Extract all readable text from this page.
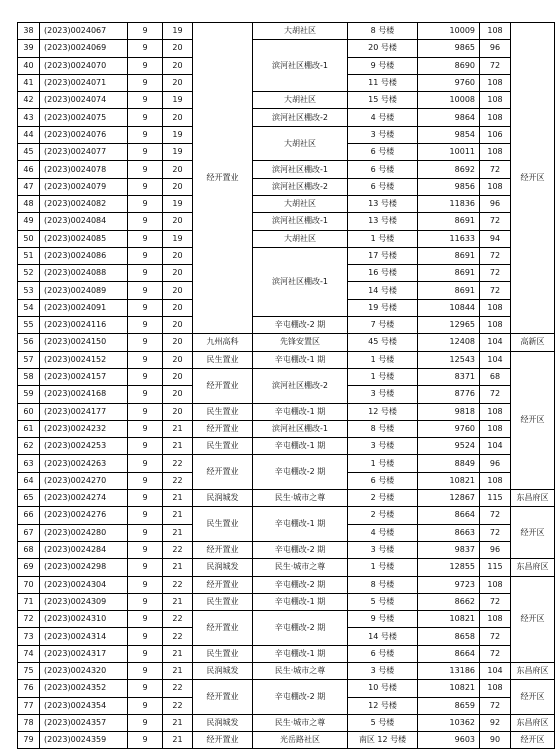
38	(2023)0024067	9	19	经开置业	大胡社区	8 号楼	10009	108	经开区
39	(2023)0024069	9	20		滨河社区棚改-1	20 号楼	9865	96	
40	(2023)0024070	9	20			9 号楼	8690	72	
41	(2023)0024071	9	20			11 号楼	9760	108	
42	(2023)0024074	9	19		大胡社区	15 号楼	10008	108	
43	(2023)0024075	9	20		滨河社区棚改-2	4 号楼	9864	108	
44	(2023)0024076	9	19		大胡社区	3 号楼	9854	106	
45	(2023)0024077	9	19			6 号楼	10011	108	
46	(2023)0024078	9	20		滨河社区棚改-1	6 号楼	8692	72	
47	(2023)0024079	9	20		滨河社区棚改-2	6 号楼	9856	108	
48	(2023)0024082	9	19		大胡社区	13 号楼	11836	96	
49	(2023)0024084	9	20		滨河社区棚改-1	13 号楼	8691	72	
50	(2023)0024085	9	19		大胡社区	1 号楼	11633	94	
51	(2023)0024086	9	20		滨河社区棚改-1	17 号楼	8691	72	
52	(2023)0024088	9	20			16 号楼	8691	72	
53	(2023)0024089	9	20			14 号楼	8691	72	
54	(2023)0024091	9	20			19 号楼	10844	108	
55	(2023)0024116	9	20		辛屯棚改-2 期	7 号楼	12965	108	
56	(2023)0024150	9	20	九州高科	先锋安置区	45 号楼	12408	104	高新区
57	(2023)0024152	9	20	民生置业	辛屯棚改-1 期	1 号楼	12543	104	经开区
58	(2023)0024157	9	20	经开置业	滨河社区棚改-2	1 号楼	8371	68	
59	(2023)0024168	9	20			3 号楼	8776	72	
60	(2023)0024177	9	20	民生置业	辛屯棚改-1 期	12 号楼	9818	108	
61	(2023)0024232	9	21	经开置业	滨河社区棚改-1	8 号楼	9760	108	
62	(2023)0024253	9	21	民生置业	辛屯棚改-1 期	3 号楼	9524	104	
63	(2023)0024263	9	22	经开置业	辛屯棚改-2 期	1 号楼	8849	96	
64	(2023)0024270	9	22			6 号楼	10821	108	
65	(2023)0024274	9	21	民润城发	民生·城市之尊	2 号楼	12867	115	东昌府区
66	(2023)0024276	9	21	民生置业	辛屯棚改-1 期	2 号楼	8664	72	经开区
67	(2023)0024280	9	21			4 号楼	8663	72	
68	(2023)0024284	9	22	经开置业	辛屯棚改-2 期	3 号楼	9837	96	
69	(2023)0024298	9	21	民润城发	民生·城市之尊	1 号楼	12855	115	东昌府区
70	(2023)0024304	9	22	经开置业	辛屯棚改-2 期	8 号楼	9723	108	经开区
71	(2023)0024309	9	21	民生置业	辛屯棚改-1 期	5 号楼	8662	72	
72	(2023)0024310	9	22	经开置业	辛屯棚改-2 期	9 号楼	10821	108	
73	(2023)0024314	9	22			14 号楼	8658	72	
74	(2023)0024317	9	21	民生置业	辛屯棚改-1 期	6 号楼	8664	72	
75	(2023)0024320	9	21	民润城发	民生·城市之尊	3 号楼	13186	104	东昌府区
76	(2023)0024352	9	22	经开置业	辛屯棚改-2 期	10 号楼	10821	108	经开区
77	(2023)0024354	9	22			12 号楼	8659	72	
78	(2023)0024357	9	21	民润城发	民生·城市之尊	5 号楼	10362	92	东昌府区
79	(2023)0024359	9	21	经开置业	光岳路社区	南区 12 号楼	9603	90	经开区
